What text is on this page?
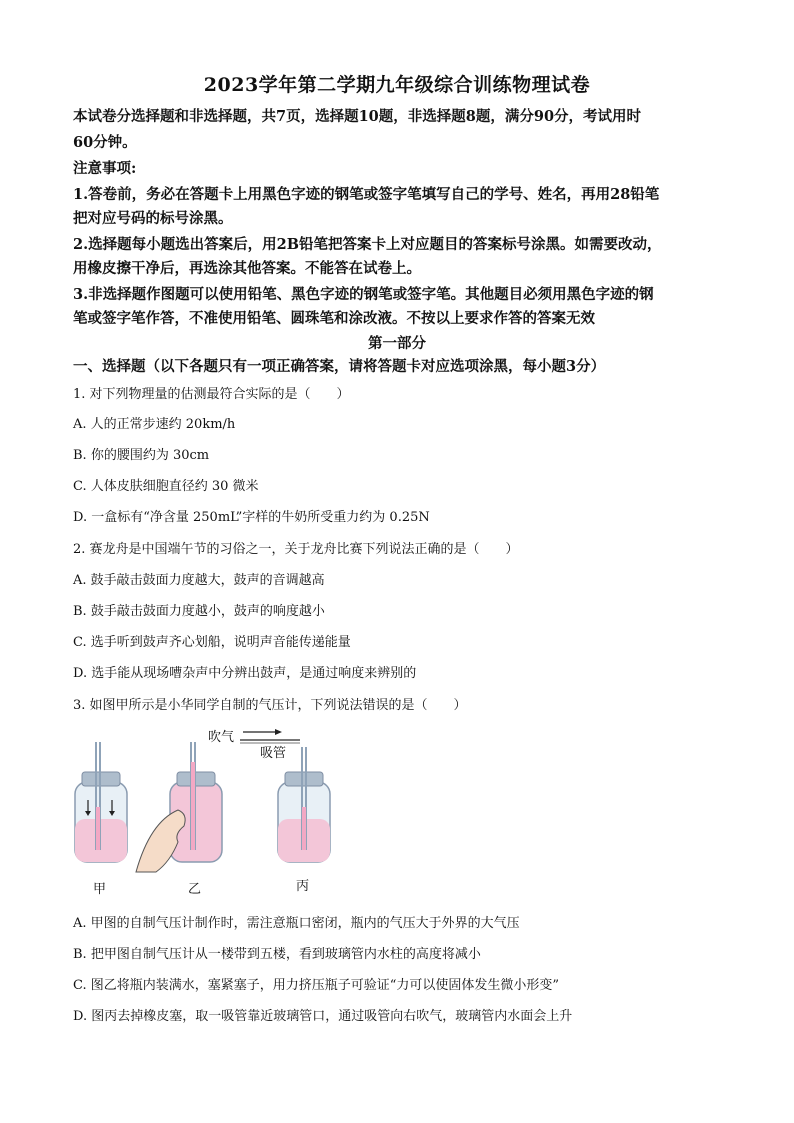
2023学年第二学期九年级综合训练物理试卷
本试卷分选择题和非选择题，共7页，选择题10题，非选择题8题，满分90分，考试用时
60分钟。
注意事项:
1.答卷前，务必在答题卡上用黑色字迹的钢笔或签字笔填写自己的学号、姓名，再用28铅笔
把对应号码的标号涂黑。
2.选择题每小题选出答案后，用2B铅笔把答案卡上对应题目的答案标号涂黑。如需要改动，
用橡皮擦干净后，再选涂其他答案。不能答在试卷上。
3.非选择题作图题可以使用铅笔、黑色字迹的钢笔或签字笔。其他题目必须用黑色字迹的钢
笔或签字笔作答，不准使用铅笔、圆珠笔和涂改液。不按以上要求作答的答案无效
第一部分
一、选择题（以下各题只有一项正确答案，请将答题卡对应选项涂黑，每小题3分）
1. 对下列物理量的估测最符合实际的是（　　）
A. 人的正常步速约 20km/h
B. 你的腰围约为 30cm
C. 人体皮肤细胞直径约 30 微米
D. 一盒标有“净含量 250mL”字样的牛奶所受重力约为 0.25N
2. 赛龙舟是中国端午节的习俗之一，关于龙舟比赛下列说法正确的是（　　）
A. 鼓手敲击鼓面力度越大，鼓声的音调越高
B. 鼓手敲击鼓面力度越小，鼓声的响度越小
C. 选手听到鼓声齐心划船，说明声音能传递能量
D. 选手能从现场嘈杂声中分辨出鼓声，是通过响度来辨别的
3. 如图甲所示是小华同学自制的气压计，下列说法错误的是（　　）
甲	乙	丙
吹气
吸管
A. 甲图的自制气压计制作时，需注意瓶口密闭，瓶内的气压大于外界的大气压
B. 把甲图自制气压计从一楼带到五楼，看到玻璃管内水柱的高度将减小
C. 图乙将瓶内装满水，塞紧塞子，用力挤压瓶子可验证“力可以使固体发生微小形变”
D. 图丙去掉橡皮塞，取一吸管靠近玻璃管口，通过吸管向右吹气，玻璃管内水面会上升
